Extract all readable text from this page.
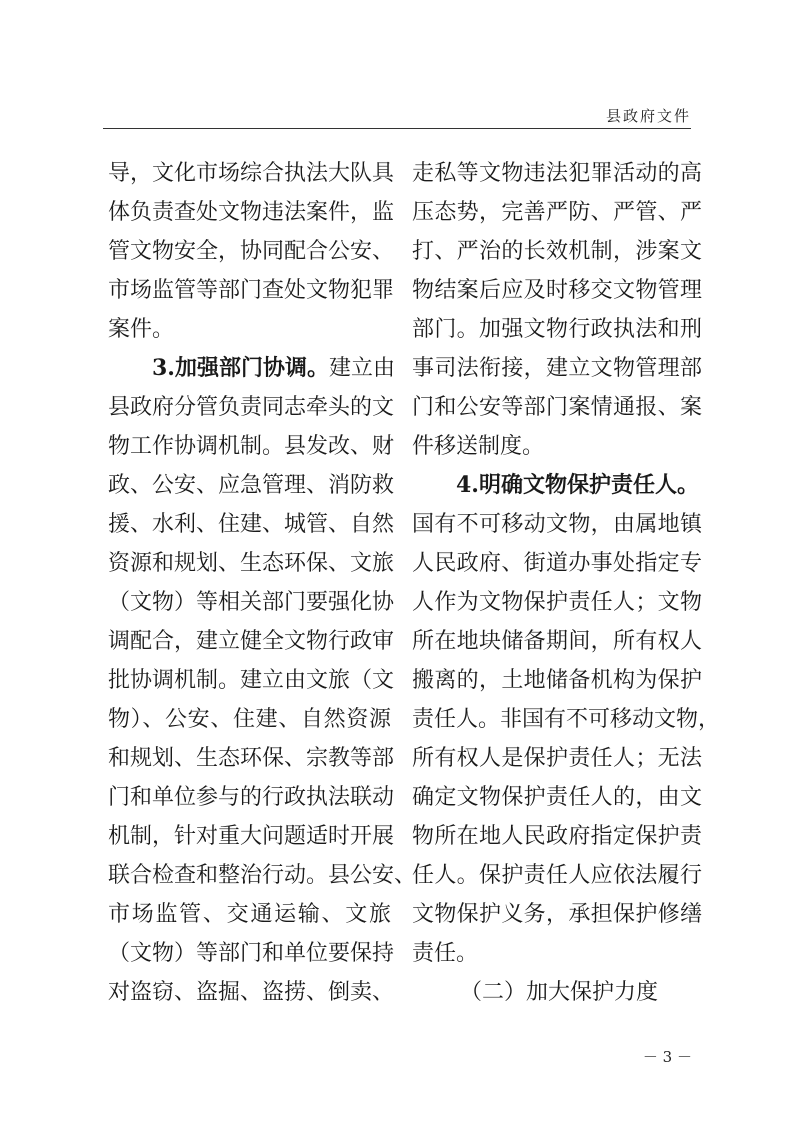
县政府文件

导，文化市场综合执法大队具

体负责查处文物违法案件，监

管文物安全，协同配合公安、

市场监管等部门查处文物犯罪

案件。

3.加强部门协调。建立由

县政府分管负责同志牵头的文

物工作协调机制。县发改、财

政、公安、应急管理、消防救

援、水利、住建、城管、自然

资源和规划、生态环保、文旅

（文物）等相关部门要强化协

调配合，建立健全文物行政审

批协调机制。建立由文旅（文

物）、公安、住建、自然资源

和规划、生态环保、宗教等部

门和单位参与的行政执法联动

机制，针对重大问题适时开展

联合检查和整治行动。县公安、

市场监管、交通运输、文旅

（文物）等部门和单位要保持

对盗窃、盗掘、盗捞、倒卖、

走私等文物违法犯罪活动的高

压态势，完善严防、严管、严

打、严治的长效机制，涉案文

物结案后应及时移交文物管理

部门。加强文物行政执法和刑

事司法衔接，建立文物管理部

门和公安等部门案情通报、案

件移送制度。

4.明确文物保护责任人。

国有不可移动文物，由属地镇

人民政府、街道办事处指定专

人作为文物保护责任人；文物

所在地块储备期间，所有权人

搬离的，土地储备机构为保护

责任人。非国有不可移动文物，

所有权人是保护责任人；无法

确定文物保护责任人的，由文

物所在地人民政府指定保护责

任人。保护责任人应依法履行

文物保护义务，承担保护修缮

责任。

（二）加大保护力度

－ 3 －
